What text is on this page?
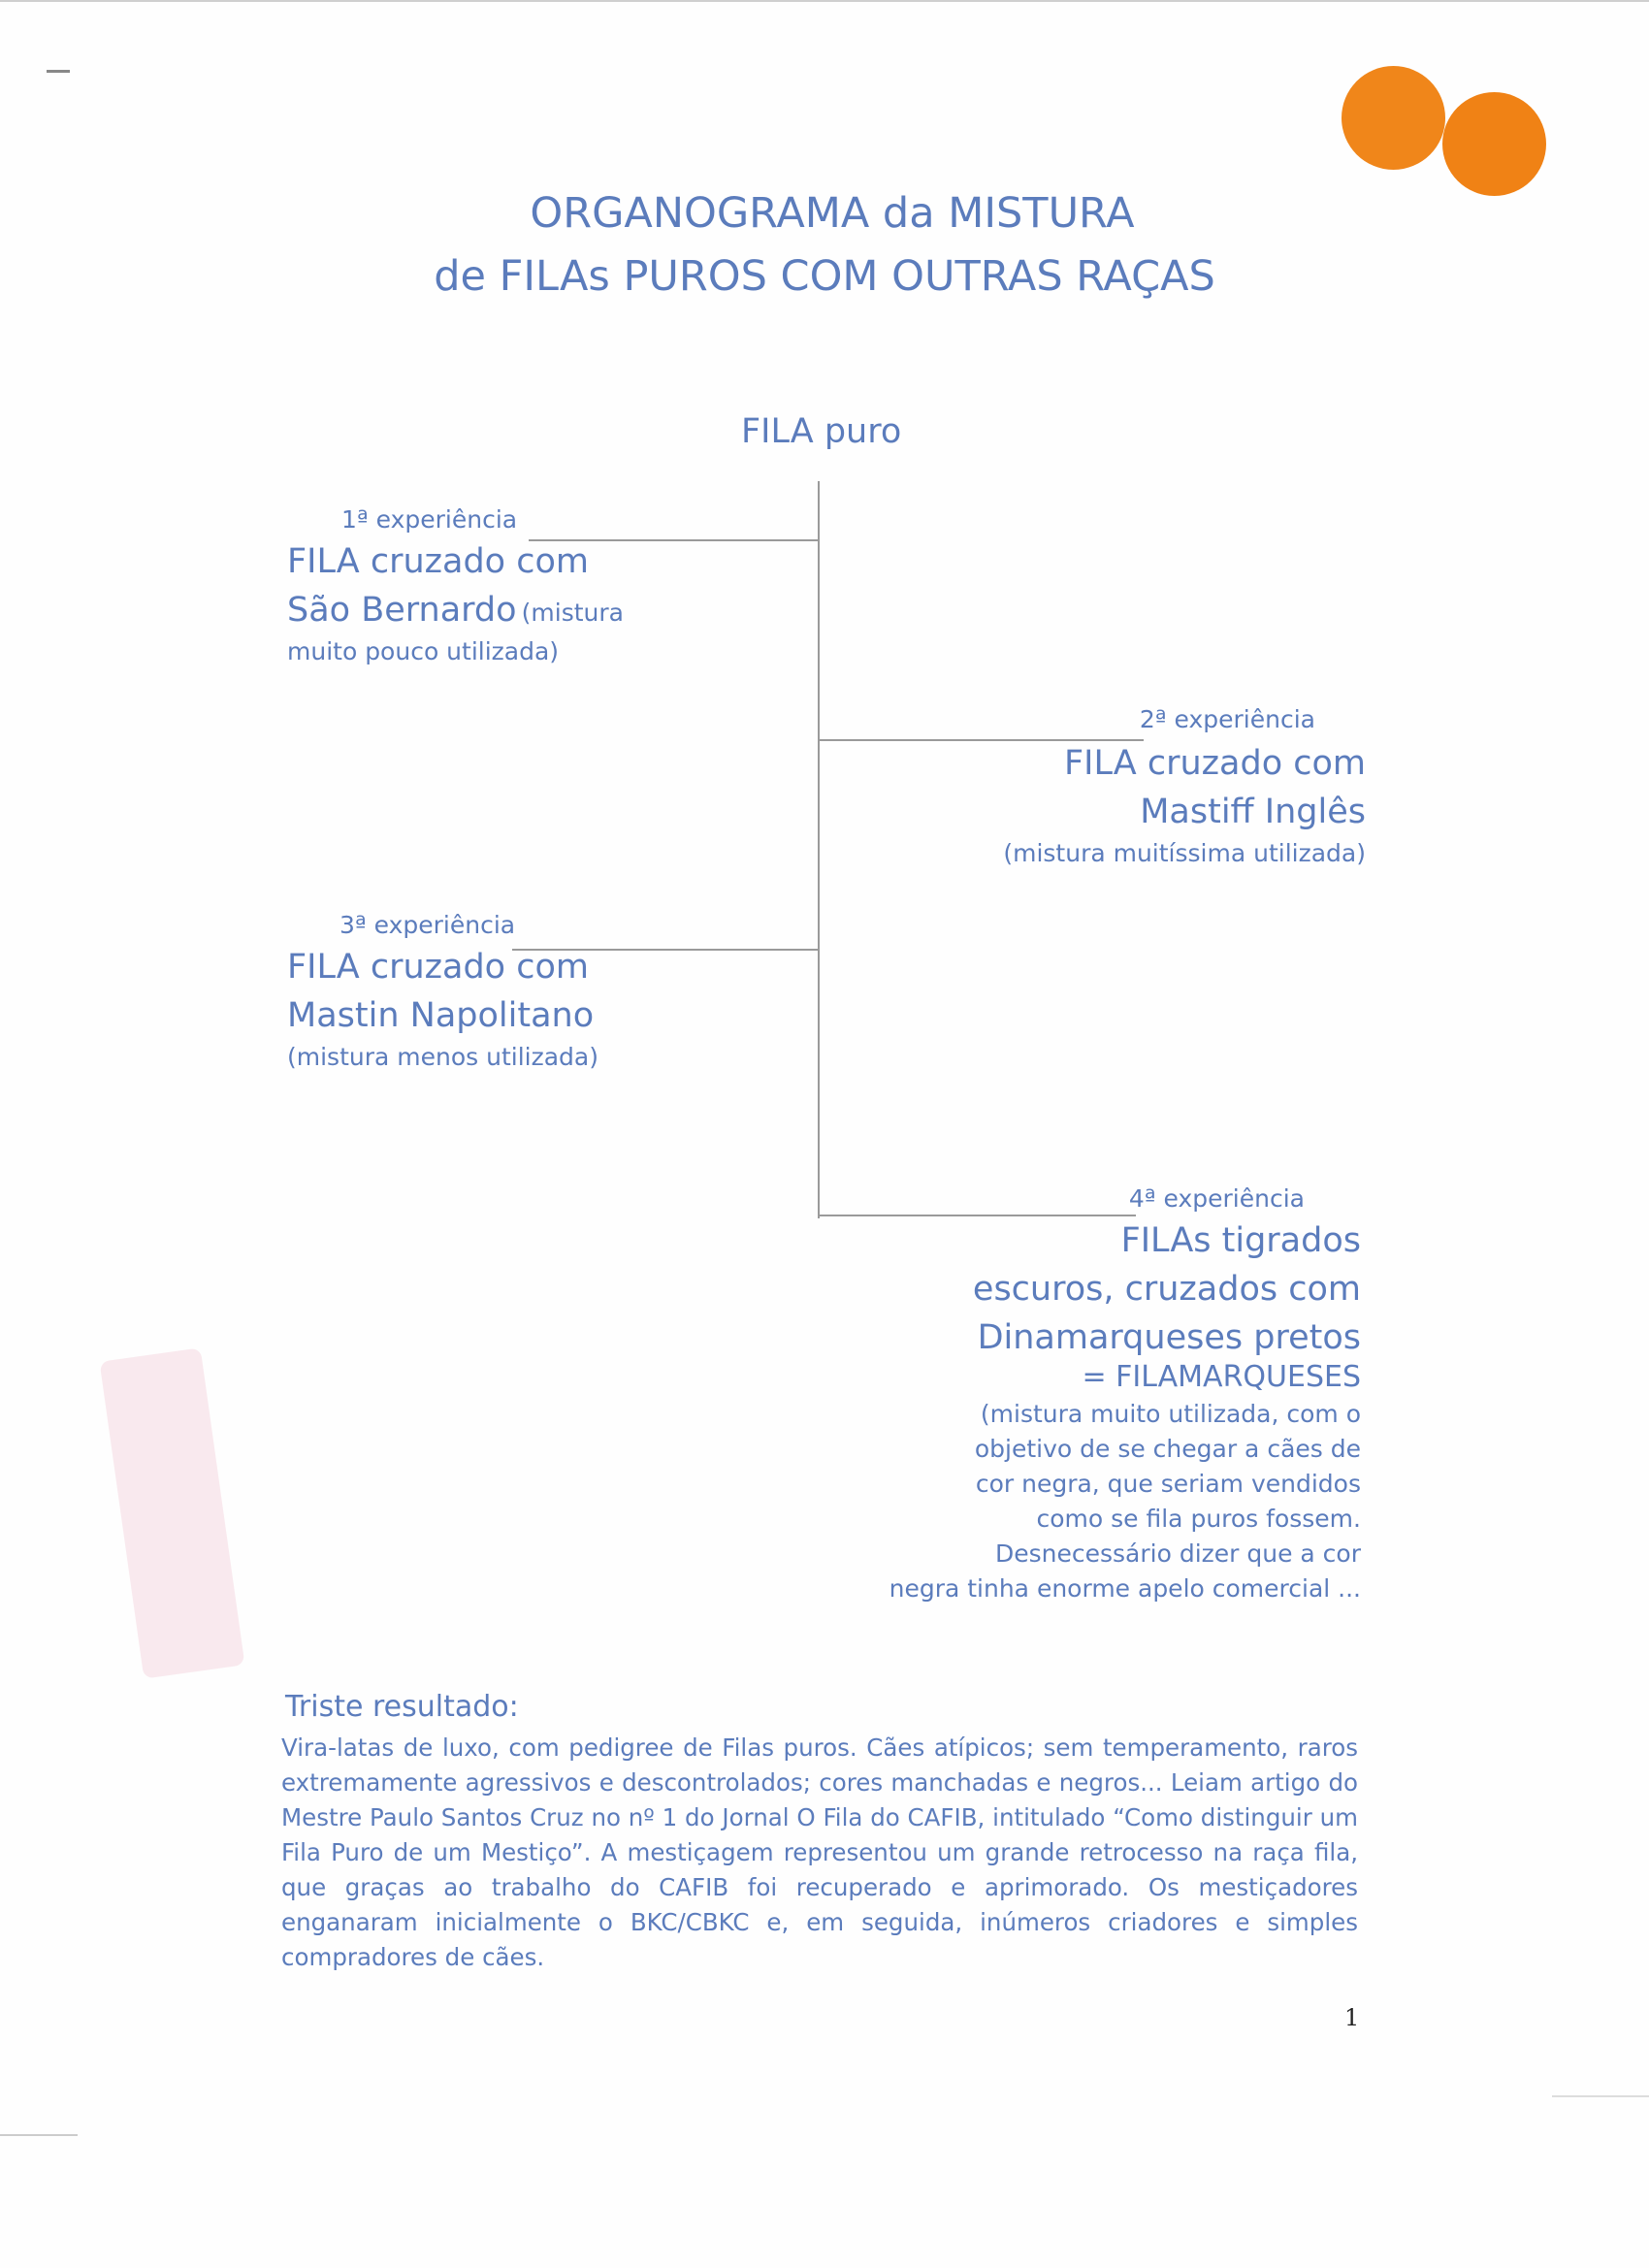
ORGANOGRAMA da MISTURA
de FILAs PUROS COM OUTRAS RAÇAS
FILA puro
1ª experiência
FILA cruzado com
São Bernardo (mistura
muito pouco utilizada)
2ª experiência
FILA cruzado com
Mastiff Inglês
(mistura muitíssima utilizada)
3ª experiência
FILA cruzado com
Mastin Napolitano
(mistura menos utilizada)
4ª experiência
FILAs tigrados
escuros, cruzados com
Dinamarqueses pretos
= FILAMARQUESES
(mistura muito utilizada, com o
objetivo de se chegar a cães de
cor negra, que seriam vendidos
como se fila puros fossem.
Desnecessário dizer que a cor
negra tinha enorme apelo comercial ...
Triste resultado:
Vira-latas de luxo, com pedigree de Filas puros. Cães atípicos; sem temperamento, raros extremamente agressivos e descontrolados; cores manchadas e negros... Leiam artigo do Mestre Paulo Santos Cruz no nº 1 do Jornal O Fila do CAFIB, intitulado “Como distinguir um Fila Puro de um Mestiço”. A mestiçagem representou um grande retrocesso na raça fila, que graças ao trabalho do CAFIB foi recuperado e aprimorado. Os mestiçadores enganaram inicialmente o BKC/CBKC e, em seguida, inúmeros criadores e simples compradores de cães.
1
